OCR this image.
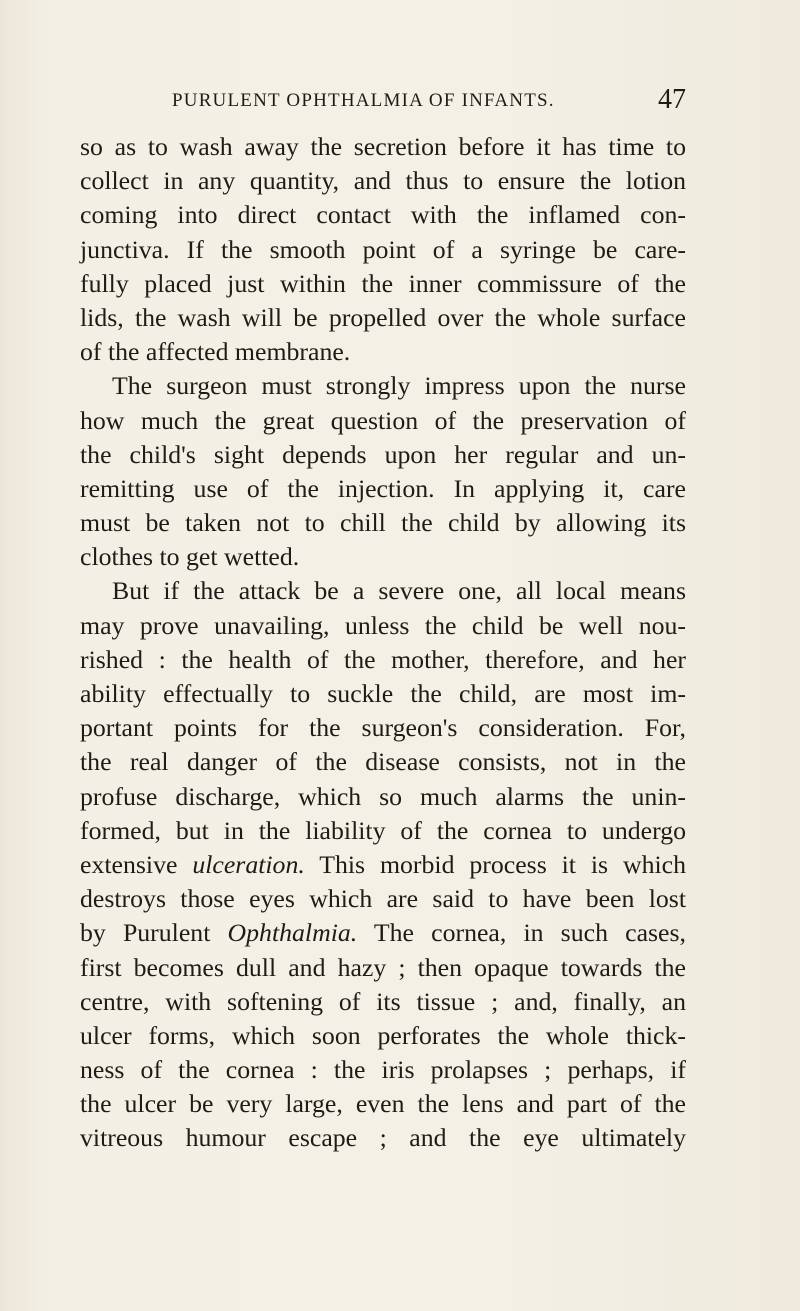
PURULENT OPHTHALMIA OF INFANTS.	47
so as to wash away the secretion before it has time to
collect in any quantity, and thus to ensure the lotion
coming into direct contact with the inflamed con-
junctiva. If the smooth point of a syringe be care-
fully placed just within the inner commissure of the
lids, the wash will be propelled over the whole surface
of the affected membrane.
The surgeon must strongly impress upon the nurse
how much the great question of the preservation of
the child's sight depends upon her regular and un-
remitting use of the injection. In applying it, care
must be taken not to chill the child by allowing its
clothes to get wetted.
But if the attack be a severe one, all local means
may prove unavailing, unless the child be well nou-
rished : the health of the mother, therefore, and her
ability effectually to suckle the child, are most im-
portant points for the surgeon's consideration. For,
the real danger of the disease consists, not in the
profuse discharge, which so much alarms the unin-
formed, but in the liability of the cornea to undergo
extensive ulceration. This morbid process it is which
destroys those eyes which are said to have been lost
by Purulent Ophthalmia. The cornea, in such cases,
first becomes dull and hazy ; then opaque towards the
centre, with softening of its tissue ; and, finally, an
ulcer forms, which soon perforates the whole thick-
ness of the cornea : the iris prolapses ; perhaps, if
the ulcer be very large, even the lens and part of the
vitreous humour escape ; and the eye ultimately
